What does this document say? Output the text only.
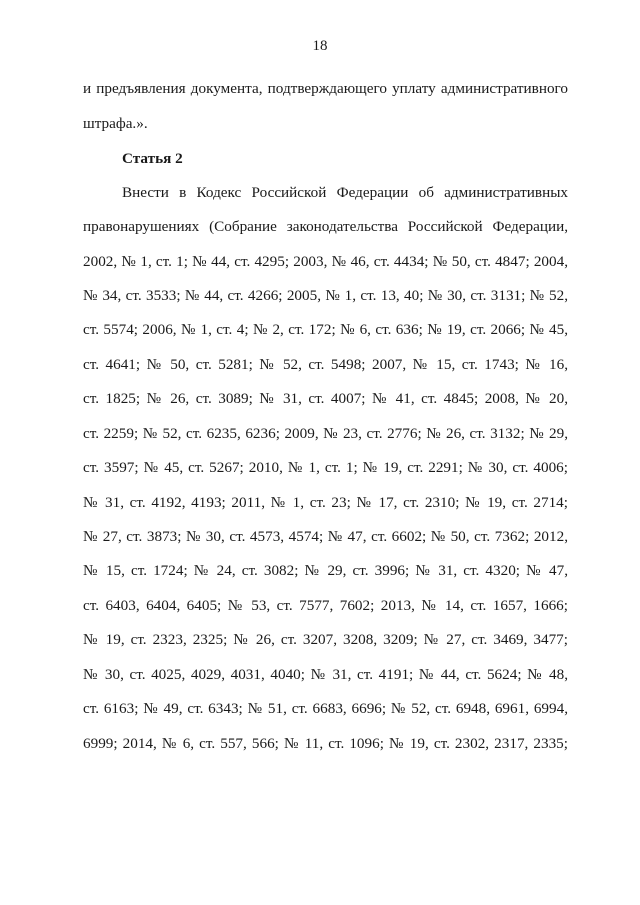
18
и предъявления документа, подтверждающего уплату административного
штрафа.».
Статья 2
Внести в Кодекс Российской Федерации об административных
правонарушениях (Собрание законодательства Российской Федерации,
2002, № 1, ст. 1; № 44, ст. 4295; 2003, № 46, ст. 4434; № 50, ст. 4847; 2004,
№ 34, ст. 3533; № 44, ст. 4266; 2005, № 1, ст. 13, 40; № 30, ст. 3131; № 52,
ст. 5574; 2006, № 1, ст. 4; № 2, ст. 172; № 6, ст. 636; № 19, ст. 2066; № 45,
ст. 4641; № 50, ст. 5281; № 52, ст. 5498; 2007, № 15, ст. 1743; № 16,
ст. 1825; № 26, ст. 3089; № 31, ст. 4007; № 41, ст. 4845; 2008, № 20,
ст. 2259; № 52, ст. 6235, 6236; 2009, № 23, ст. 2776; № 26, ст. 3132; № 29,
ст. 3597; № 45, ст. 5267; 2010, № 1, ст. 1; № 19, ст. 2291; № 30, ст. 4006;
№ 31, ст. 4192, 4193; 2011, № 1, ст. 23; № 17, ст. 2310; № 19, ст. 2714;
№ 27, ст. 3873; № 30, ст. 4573, 4574; № 47, ст. 6602; № 50, ст. 7362; 2012,
№ 15, ст. 1724; № 24, ст. 3082; № 29, ст. 3996; № 31, ст. 4320; № 47,
ст. 6403, 6404, 6405; № 53, ст. 7577, 7602; 2013, № 14, ст. 1657, 1666;
№ 19, ст. 2323, 2325; № 26, ст. 3207, 3208, 3209; № 27, ст. 3469, 3477;
№ 30, ст. 4025, 4029, 4031, 4040; № 31, ст. 4191; № 44, ст. 5624; № 48,
ст. 6163; № 49, ст. 6343; № 51, ст. 6683, 6696; № 52, ст. 6948, 6961, 6994,
6999; 2014, № 6, ст. 557, 566; № 11, ст. 1096; № 19, ст. 2302, 2317, 2335;
